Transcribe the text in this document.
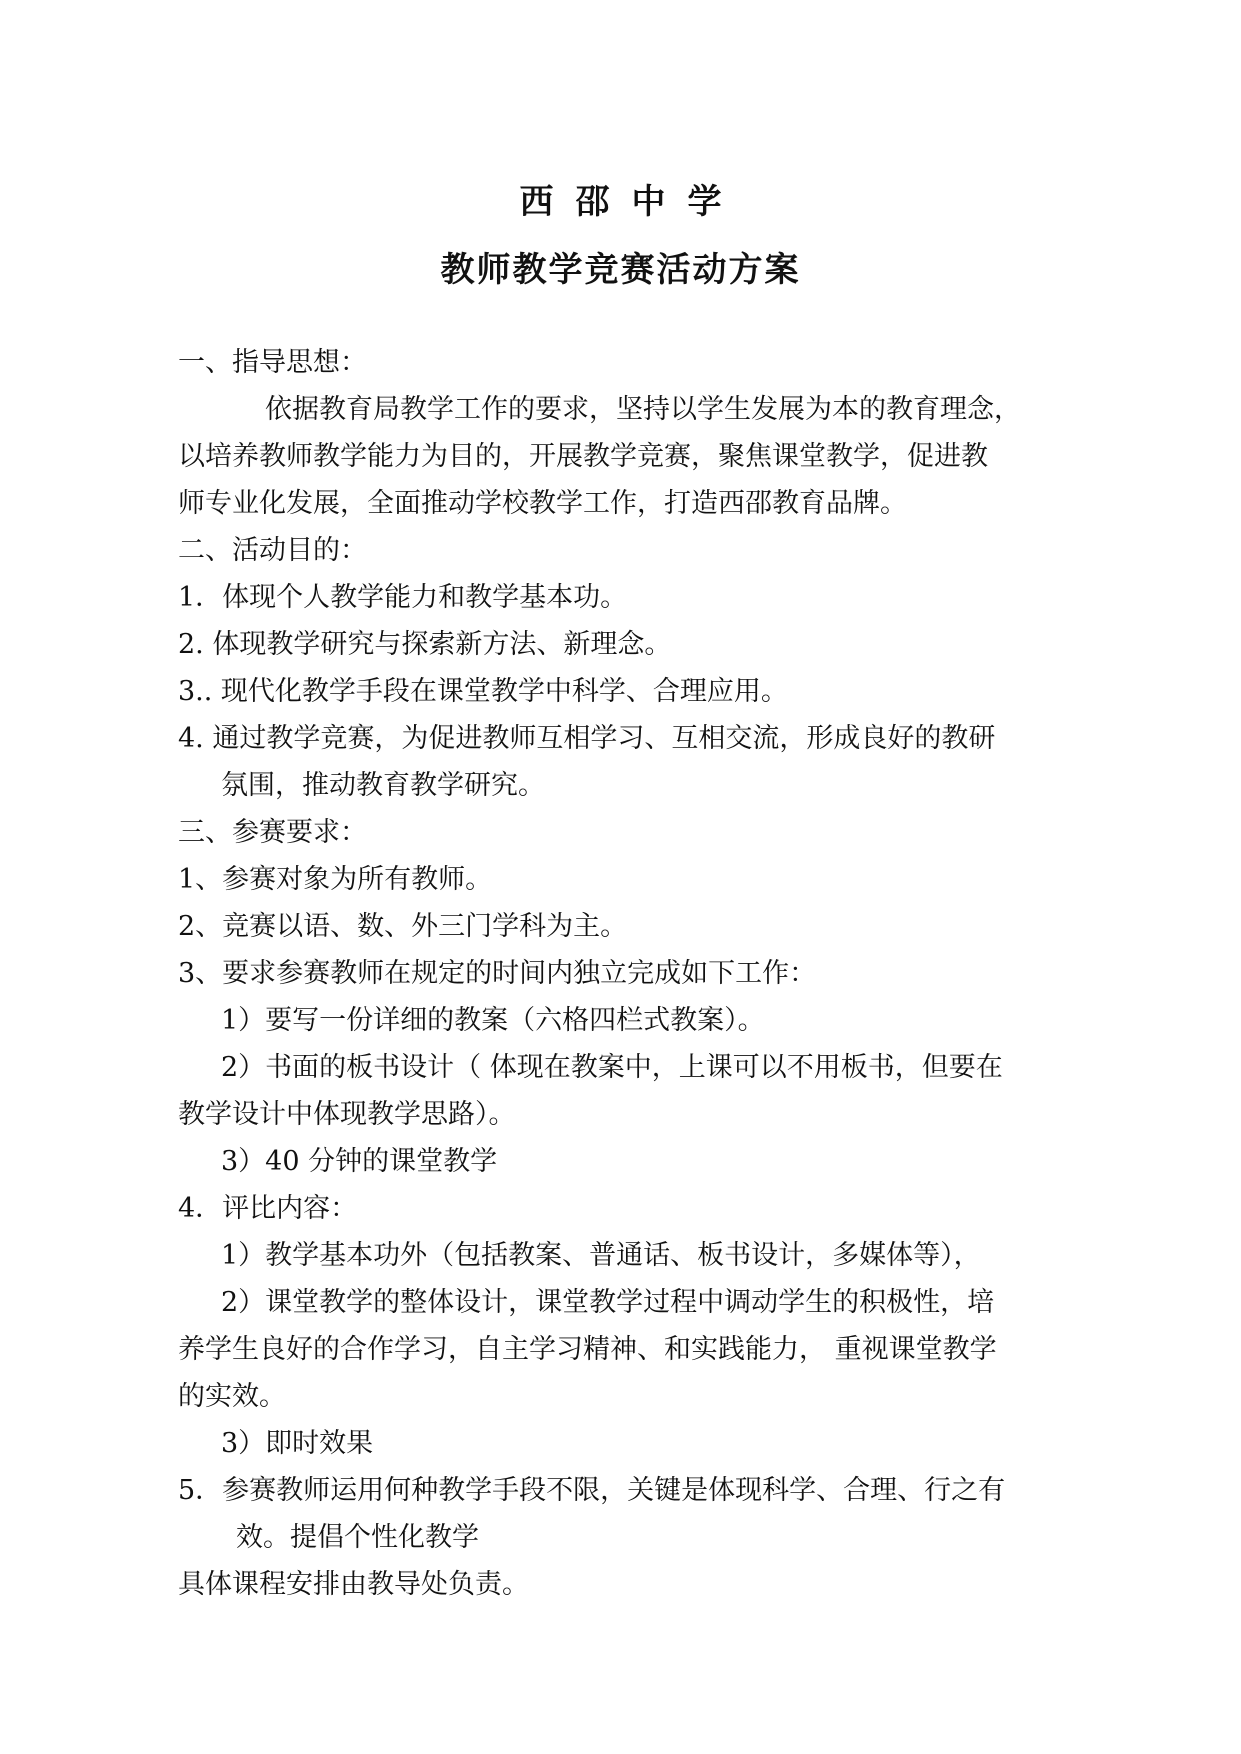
西邵中学
教师教学竞赛活动方案
一、指导思想：
依据教育局教学工作的要求，坚持以学生发展为本的教育理念，
以培养教师教学能力为目的，开展教学竞赛，聚焦课堂教学，促进教
师专业化发展，全面推动学校教学工作，打造西邵教育品牌。
二、活动目的：
1．体现个人教学能力和教学基本功。
2. 体现教学研究与探索新方法、新理念。
3.. 现代化教学手段在课堂教学中科学、合理应用。
4. 通过教学竞赛，为促进教师互相学习、互相交流，形成良好的教研
氛围，推动教育教学研究。
三、参赛要求：
1、参赛对象为所有教师。
2、竞赛以语、数、外三门学科为主。
3、要求参赛教师在规定的时间内独立完成如下工作：
1）要写一份详细的教案（六格四栏式教案）。
2）书面的板书设计（ 体现在教案中，上课可以不用板书，但要在
教学设计中体现教学思路）。
3）40 分钟的课堂教学
4．评比内容：
1）教学基本功外（包括教案、普通话、板书设计，多媒体等），
2）课堂教学的整体设计，课堂教学过程中调动学生的积极性，培
养学生良好的合作学习，自主学习精神、和实践能力， 重视课堂教学
的实效。
3）即时效果
5．参赛教师运用何种教学手段不限，关键是体现科学、合理、行之有
效。提倡个性化教学
具体课程安排由教导处负责。
